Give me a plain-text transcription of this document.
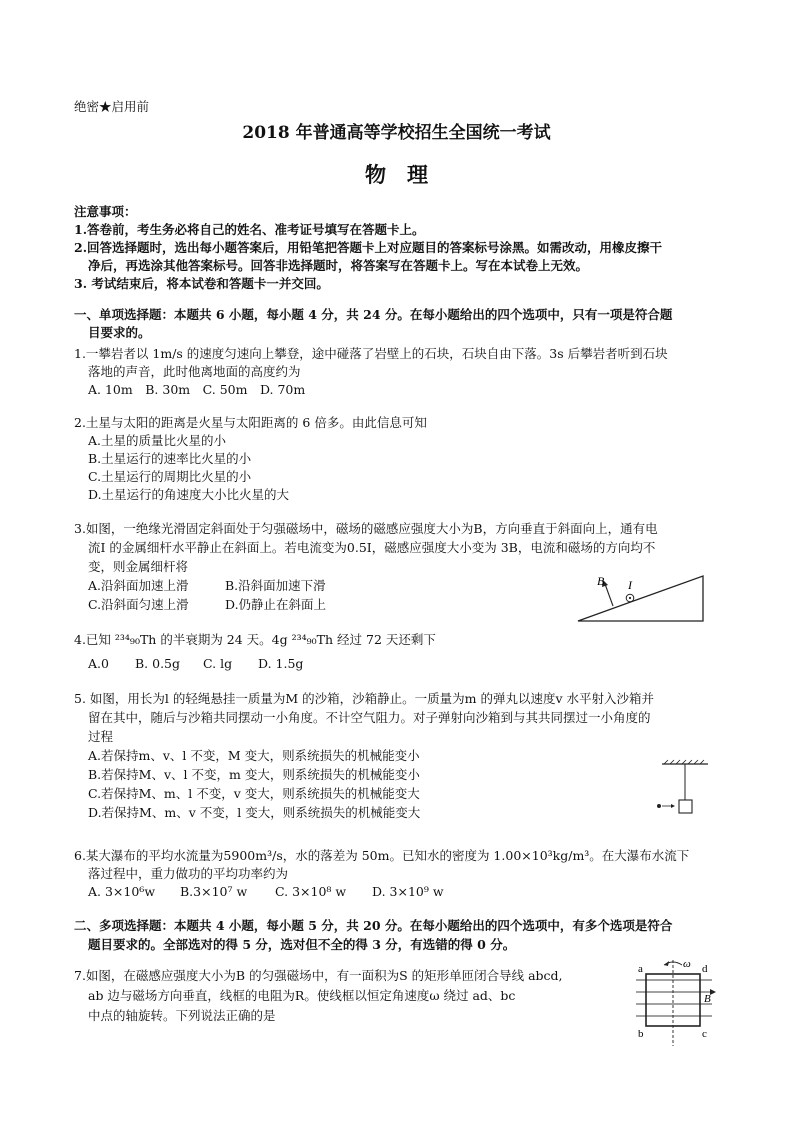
绝密★启用前
2018 年普通高等学校招生全国统一考试
物　理
注意事项：
1.答卷前，考生务必将自己的姓名、准考证号填写在答题卡上。
2.回答选择题时，选出每小题答案后，用铅笔把答题卡上对应题目的答案标号涂黑。如需改动，用橡皮擦干
净后，再选涂其他答案标号。回答非选择题时，将答案写在答题卡上。写在本试卷上无效。
3. 考试结束后，将本试卷和答题卡一并交回。
一、单项选择题：本题共 6 小题，每小题 4 分，共 24 分。在每小题给出的四个选项中，只有一项是符合题
目要求的。
1.一攀岩者以 1m/s 的速度匀速向上攀登，途中碰落了岩壁上的石块，石块自由下落。3s 后攀岩者听到石块
落地的声音，此时他离地面的高度约为
A. 10m　B. 30m　C. 50m　D. 70m
2.土星与太阳的距离是火星与太阳距离的 6 倍多。由此信息可知
A.土星的质量比火星的小
B.土星运行的速率比火星的小
C.土星运行的周期比火星的小
D.土星运行的角速度大小比火星的大
3.如图，一绝缘光滑固定斜面处于匀强磁场中，磁场的磁感应强度大小为B，方向垂直于斜面向上，通有电
流I 的金属细杆水平静止在斜面上。若电流变为0.5I，磁感应强度大小变为 3B，电流和磁场的方向均不
变，则金属细杆将
A.沿斜面加速上滑	B.沿斜面加速下滑
C.沿斜面匀速上滑	D.仍静止在斜面上
B I
4.已知 ²³⁴₉₀Th 的半衰期为 24 天。4g ²³⁴₉₀Th 经过 72 天还剩下
A.0 B. 0.5g C. lg D. 1.5g
5. 如图，用长为l 的轻绳悬挂一质量为M 的沙箱，沙箱静止。一质量为m 的弹丸以速度v 水平射入沙箱并
留在其中，随后与沙箱共同摆动一小角度。不计空气阻力。对子弹射向沙箱到与其共同摆过一小角度的
过程
A.若保持m、v、l 不变，M 变大，则系统损失的机械能变小
B.若保持M、v、l 不变，m 变大，则系统损失的机械能变小
C.若保持M、m、l 不变，v 变大，则系统损失的机械能变大
D.若保持M、m、v 不变，l 变大，则系统损失的机械能变大
6.某大瀑布的平均水流量为5900m³/s，水的落差为 50m。已知水的密度为 1.00×10³kg/m³。在大瀑布水流下
落过程中，重力做功的平均功率约为
A. 3×10⁶w B.3×10⁷ w C. 3×10⁸ w D. 3×10⁹ w
二、多项选择题：本题共 4 小题，每小题 5 分，共 20 分。在每小题给出的四个选项中，有多个选项是符合
题目要求的。全部选对的得 5 分，选对但不全的得 3 分，有选错的得 0 分。
7.如图，在磁感应强度大小为B 的匀强磁场中，有一面积为S 的矩形单匝闭合导线 abcd,
ab 边与磁场方向垂直，线框的电阻为R。使线框以恒定角速度ω 绕过 ad、bc
中点的轴旋转。下列说法正确的是
a	d
b	c
ω
B
